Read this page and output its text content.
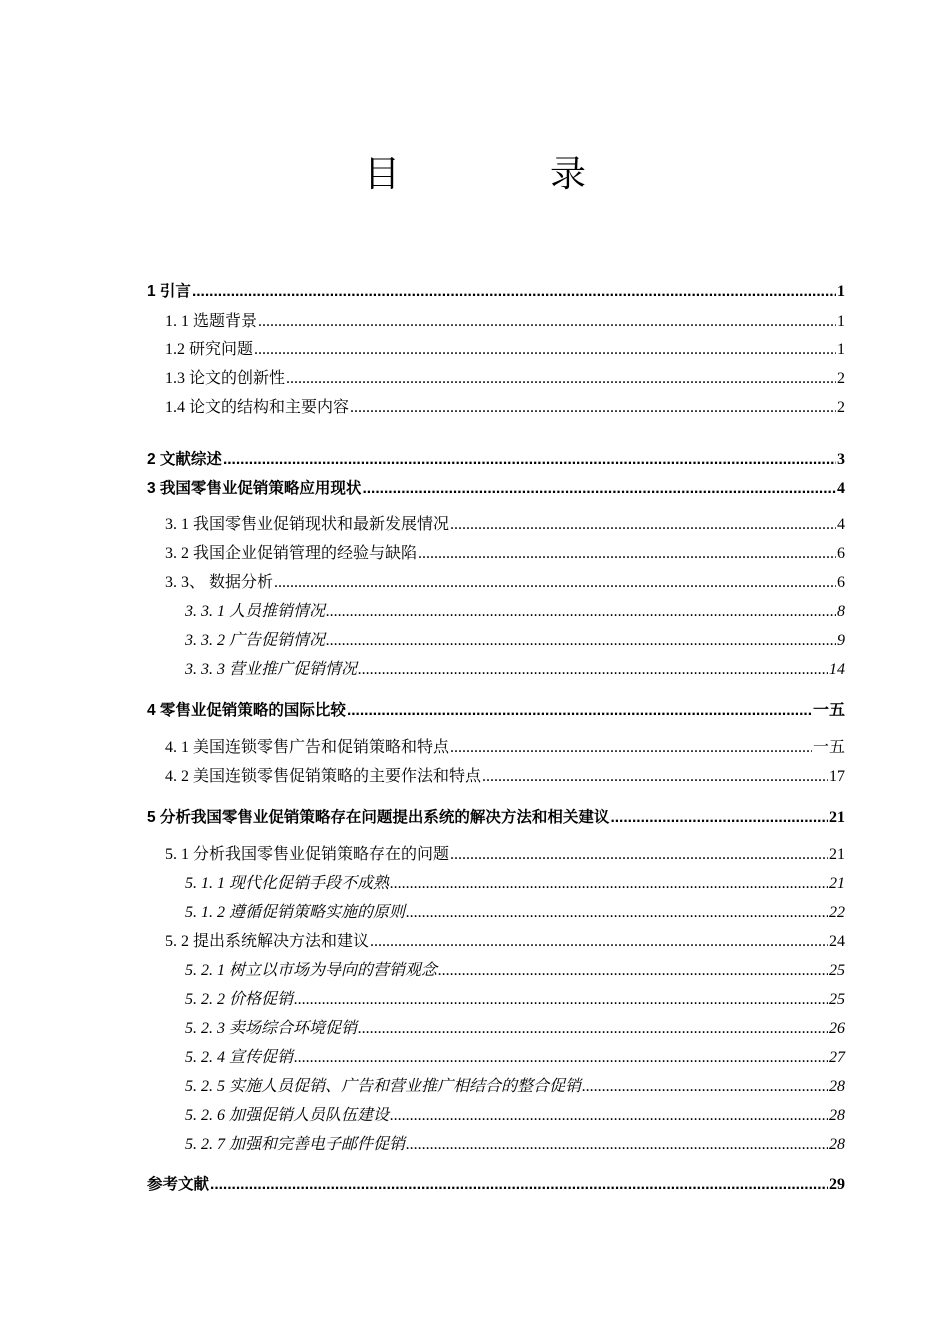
目	录
1 引言 .....	1
1. 1 选题背景 .....	1
1.2 研究问题 .....	1
1.3 论文的创新性 .....	2
1.4 论文的结构和主要内容 .....	2
2 文献综述 .....	3
3 我国零售业促销策略应用现状 .....	4
3. 1 我国零售业促销现状和最新发展情况 .....	4
3. 2 我国企业促销管理的经验与缺陷 .....	6
3. 3、 数据分析 .....	6
3. 3. 1 人员推销情况 .....	8
3. 3. 2 广告促销情况 .....	9
3. 3. 3 营业推广促销情况 .....	14
4 零售业促销策略的国际比较 .....	一五
4. 1 美国连锁零售广告和促销策略和特点 .....	一五
4. 2 美国连锁零售促销策略的主要作法和特点 .....	17
5 分析我国零售业促销策略存在问题提出系统的解决方法和相关建议 .....	21
5. 1 分析我国零售业促销策略存在的问题 .....	21
5. 1. 1 现代化促销手段不成熟 .....	21
5. 1. 2 遵循促销策略实施的原则 .....	22
5. 2 提出系统解决方法和建议 .....	24
5. 2. 1 树立以市场为导向的营销观念 .....	25
5. 2. 2 价格促销 .....	25
5. 2. 3 卖场综合环境促销 .....	26
5. 2. 4 宣传促销 .....	27
5. 2. 5 实施人员促销、广告和营业推广相结合的整合促销 .....	28
5. 2. 6 加强促销人员队伍建设 .....	28
5. 2. 7 加强和完善电子邮件促销 .....	28
参考文献 .....	29
